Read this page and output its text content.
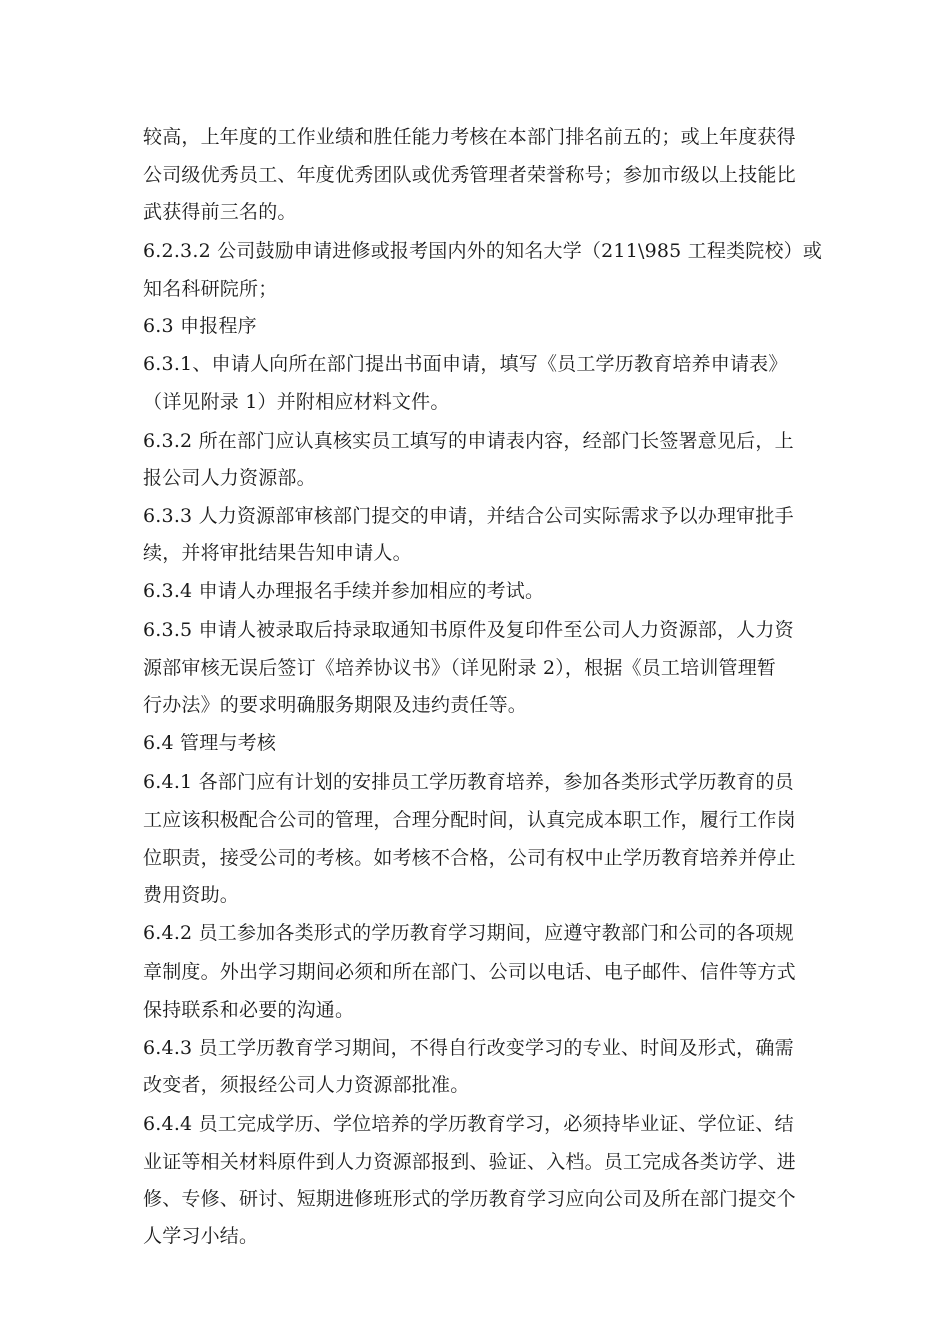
较高，上年度的工作业绩和胜任能力考核在本部门排名前五的；或上年度获得
公司级优秀员工、年度优秀团队或优秀管理者荣誉称号；参加市级以上技能比
武获得前三名的。
6.2.3.2 公司鼓励申请进修或报考国内外的知名大学（211\985 工程类院校）或
知名科研院所；
6.3 申报程序
6.3.1、申请人向所在部门提出书面申请，填写《员工学历教育培养申请表》
（详见附录 1）并附相应材料文件。
6.3.2 所在部门应认真核实员工填写的申请表内容，经部门长签署意见后，上
报公司人力资源部。
6.3.3 人力资源部审核部门提交的申请，并结合公司实际需求予以办理审批手
续，并将审批结果告知申请人。
6.3.4 申请人办理报名手续并参加相应的考试。
6.3.5 申请人被录取后持录取通知书原件及复印件至公司人力资源部，人力资
源部审核无误后签订《培养协议书》（详见附录 2），根据《员工培训管理暂
行办法》的要求明确服务期限及违约责任等。
6.4 管理与考核
6.4.1 各部门应有计划的安排员工学历教育培养，参加各类形式学历教育的员
工应该积极配合公司的管理，合理分配时间，认真完成本职工作，履行工作岗
位职责，接受公司的考核。如考核不合格，公司有权中止学历教育培养并停止
费用资助。
6.4.2 员工参加各类形式的学历教育学习期间，应遵守教部门和公司的各项规
章制度。外出学习期间必须和所在部门、公司以电话、电子邮件、信件等方式
保持联系和必要的沟通。
6.4.3 员工学历教育学习期间，不得自行改变学习的专业、时间及形式，确需
改变者，须报经公司人力资源部批准。
6.4.4 员工完成学历、学位培养的学历教育学习，必须持毕业证、学位证、结
业证等相关材料原件到人力资源部报到、验证、入档。员工完成各类访学、进
修、专修、研讨、短期进修班形式的学历教育学习应向公司及所在部门提交个
人学习小结。
